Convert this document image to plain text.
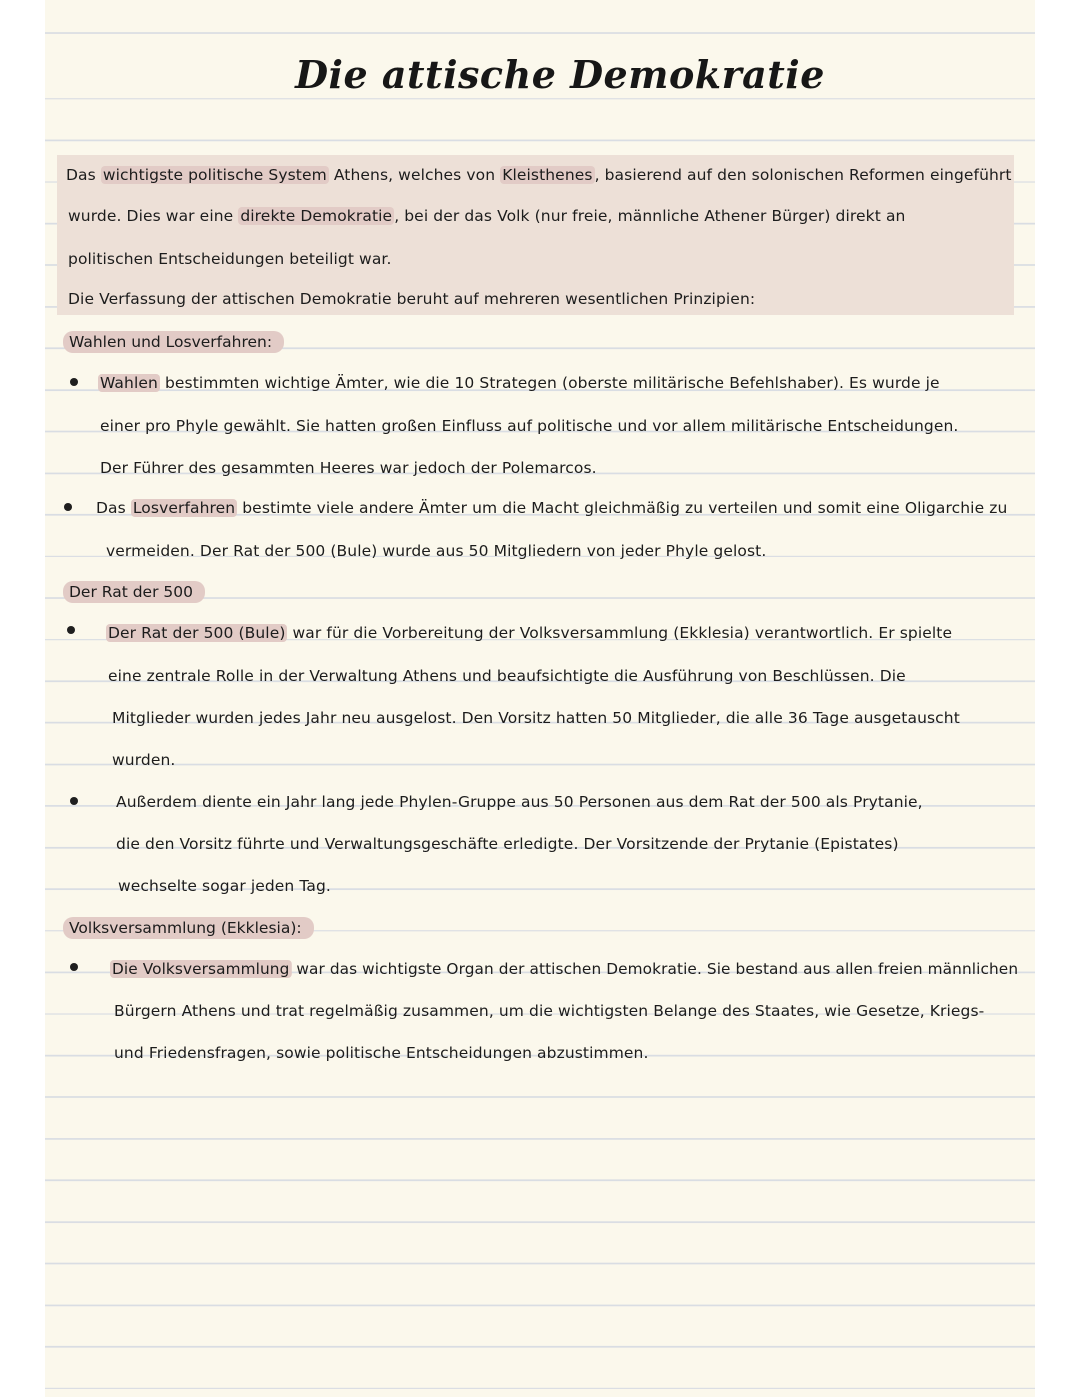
Die attische Demokratie
Das wichtigste politische System Athens, welches von Kleisthenes , basierend auf den solonischen Reformen eingeführt
wurde. Dies war eine direkte Demokratie , bei der das Volk (nur freie, männliche Athener Bürger) direkt an
politischen Entscheidungen beteiligt war.
Die Verfassung der attischen Demokratie beruht auf mehreren wesentlichen Prinzipien:
Wahlen und Losverfahren:
Wahlen bestimmten wichtige Ämter, wie die 10 Strategen (oberste militärische Befehlshaber). Es wurde je
einer pro Phyle gewählt. Sie hatten großen Einfluss auf politische und vor allem militärische Entscheidungen.
Der Führer des gesammten Heeres war jedoch der Polemarcos.
Das Losverfahren bestimte viele andere Ämter um die Macht gleichmäßig zu verteilen und somit eine Oligarchie zu
vermeiden. Der Rat der 500 (Bule) wurde aus 50 Mitgliedern von jeder Phyle gelost.
Der Rat der 500
Der Rat der 500 (Bule) war für die Vorbereitung der Volksversammlung (Ekklesia) verantwortlich. Er spielte
eine zentrale Rolle in der Verwaltung Athens und beaufsichtigte die Ausführung von Beschlüssen. Die
Mitglieder wurden jedes Jahr neu ausgelost. Den Vorsitz hatten 50 Mitglieder, die alle 36 Tage ausgetauscht
wurden.
Außerdem diente ein Jahr lang jede Phylen-Gruppe aus 50 Personen aus dem Rat der 500 als Prytanie,
die den Vorsitz führte und Verwaltungsgeschäfte erledigte. Der Vorsitzende der Prytanie (Epistates)
wechselte sogar jeden Tag.
Volksversammlung (Ekklesia):
Die Volksversammlung war das wichtigste Organ der attischen Demokratie. Sie bestand aus allen freien männlichen
Bürgern Athens und trat regelmäßig zusammen, um die wichtigsten Belange des Staates, wie Gesetze, Kriegs-
und Friedensfragen, sowie politische Entscheidungen abzustimmen.
